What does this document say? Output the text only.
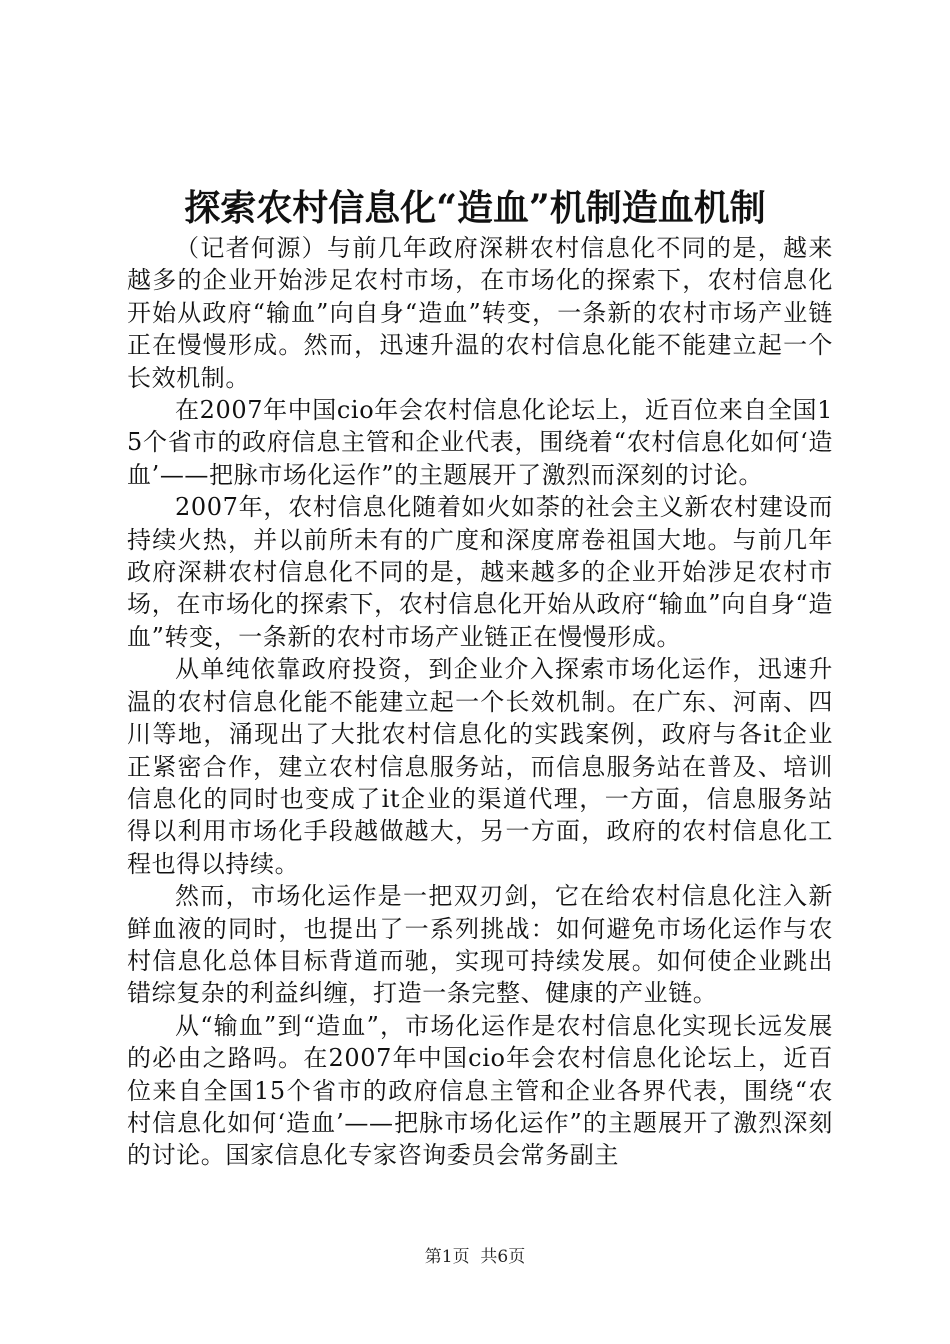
探索农村信息化“造血”机制造血机制

（记者何源）与前几年政府深耕农村信息化不同的是，越来越多的企业开始涉足农村市场，在市场化的探索下，农村信息化开始从政府“输血”向自身“造血”转变，一条新的农村市场产业链正在慢慢形成。然而，迅速升温的农村信息化能不能建立起一个长效机制。

在2007年中国cio年会农村信息化论坛上，近百位来自全国15个省市的政府信息主管和企业代表，围绕着“农村信息化如何‘造血’——把脉市场化运作”的主题展开了激烈而深刻的讨论。

2007年，农村信息化随着如火如荼的社会主义新农村建设而持续火热，并以前所未有的广度和深度席卷祖国大地。与前几年政府深耕农村信息化不同的是，越来越多的企业开始涉足农村市场，在市场化的探索下，农村信息化开始从政府“输血”向自身“造血”转变，一条新的农村市场产业链正在慢慢形成。

从单纯依靠政府投资，到企业介入探索市场化运作，迅速升温的农村信息化能不能建立起一个长效机制。在广东、河南、四川等地，涌现出了大批农村信息化的实践案例，政府与各it企业正紧密合作，建立农村信息服务站，而信息服务站在普及、培训信息化的同时也变成了it企业的渠道代理，一方面，信息服务站得以利用市场化手段越做越大，另一方面，政府的农村信息化工程也得以持续。

然而，市场化运作是一把双刃剑，它在给农村信息化注入新鲜血液的同时，也提出了一系列挑战：如何避免市场化运作与农村信息化总体目标背道而驰，实现可持续发展。如何使企业跳出错综复杂的利益纠缠，打造一条完整、健康的产业链。

从“输血”到“造血”，市场化运作是农村信息化实现长远发展的必由之路吗。在2007年中国cio年会农村信息化论坛上，近百位来自全国15个省市的政府信息主管和企业各界代表，围绕“农村信息化如何‘造血’——把脉市场化运作”的主题展开了激烈深刻的讨论。国家信息化专家咨询委员会常务副主

第1页  共6页
